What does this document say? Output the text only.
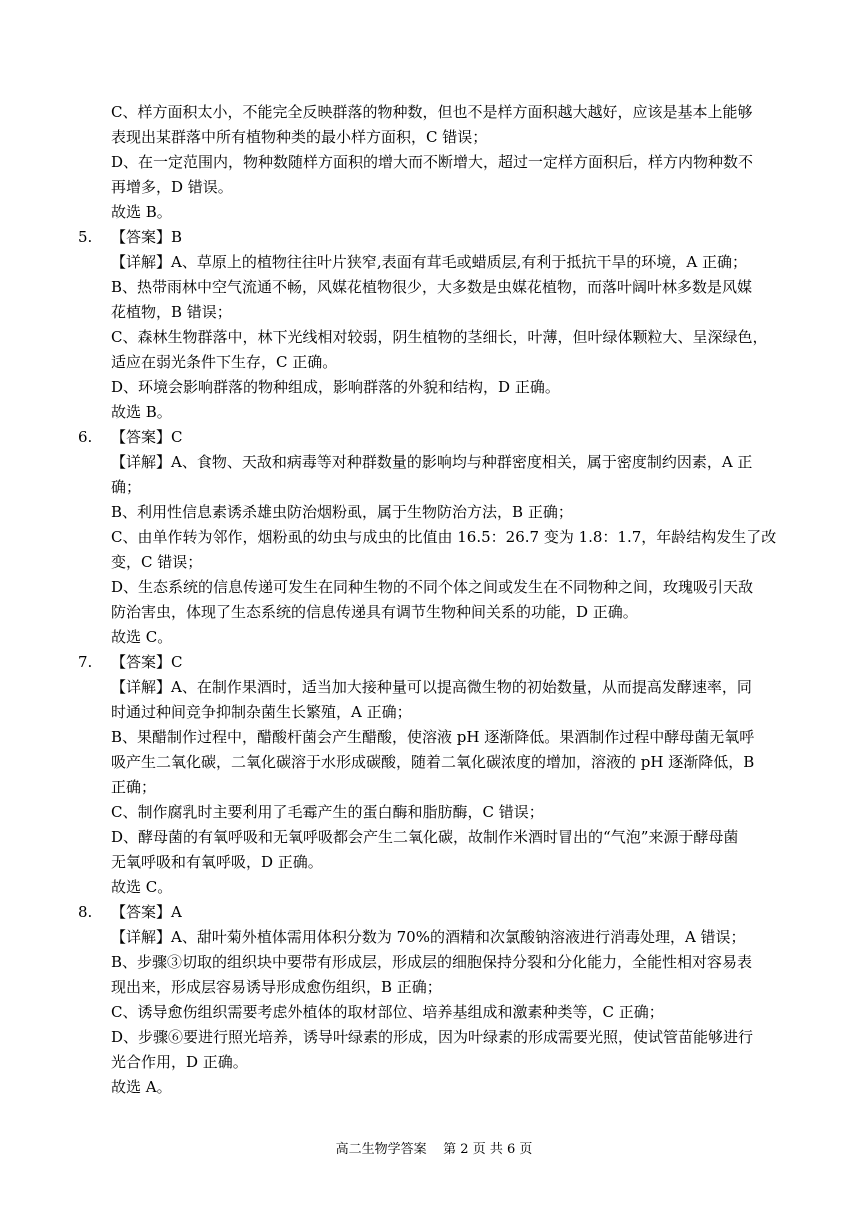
C、样方面积太小，不能完全反映群落的物种数，但也不是样方面积越大越好，应该是基本上能够
表现出某群落中所有植物种类的最小样方面积，C 错误；
D、在一定范围内，物种数随样方面积的增大而不断增大，超过一定样方面积后，样方内物种数不
再增多，D 错误。
故选 B。
5. 【答案】B
【详解】A、草原上的植物往往叶片狭窄,表面有茸毛或蜡质层,有利于抵抗干旱的环境，A 正确；
B、热带雨林中空气流通不畅，风媒花植物很少，大多数是虫媒花植物，而落叶阔叶林多数是风媒
花植物，B 错误；
C、森林生物群落中，林下光线相对较弱，阴生植物的茎细长，叶薄，但叶绿体颗粒大、呈深绿色，
适应在弱光条件下生存，C 正确。
D、环境会影响群落的物种组成，影响群落的外貌和结构，D 正确。
故选 B。
6. 【答案】C
【详解】A、食物、天敌和病毒等对种群数量的影响均与种群密度相关，属于密度制约因素，A 正
确；
B、利用性信息素诱杀雄虫防治烟粉虱，属于生物防治方法，B 正确；
C、由单作转为邻作，烟粉虱的幼虫与成虫的比值由 16.5：26.7 变为 1.8：1.7，年龄结构发生了改
变，C 错误；
D、生态系统的信息传递可发生在同种生物的不同个体之间或发生在不同物种之间，玫瑰吸引天敌
防治害虫，体现了生态系统的信息传递具有调节生物种间关系的功能，D 正确。
故选 C。
7. 【答案】C
【详解】A、在制作果酒时，适当加大接种量可以提高微生物的初始数量，从而提高发酵速率，同
时通过种间竞争抑制杂菌生长繁殖，A 正确；
B、果醋制作过程中，醋酸杆菌会产生醋酸，使溶液 pH 逐渐降低。果酒制作过程中酵母菌无氧呼
吸产生二氧化碳，二氧化碳溶于水形成碳酸，随着二氧化碳浓度的增加，溶液的 pH 逐渐降低，B
正确；
C、制作腐乳时主要利用了毛霉产生的蛋白酶和脂肪酶，C 错误；
D、酵母菌的有氧呼吸和无氧呼吸都会产生二氧化碳，故制作米酒时冒出的“气泡”来源于酵母菌
无氧呼吸和有氧呼吸，D 正确。
故选 C。
8. 【答案】A
【详解】A、甜叶菊外植体需用体积分数为 70%的酒精和次氯酸钠溶液进行消毒处理，A 错误；
B、步骤③切取的组织块中要带有形成层，形成层的细胞保持分裂和分化能力，全能性相对容易表
现出来，形成层容易诱导形成愈伤组织，B 正确；
C、诱导愈伤组织需要考虑外植体的取材部位、培养基组成和激素种类等，C 正确；
D、步骤⑥要进行照光培养，诱导叶绿素的形成，因为叶绿素的形成需要光照，使试管苗能够进行
光合作用，D 正确。
故选 A。
高二生物学答案 第 2 页 共 6 页
